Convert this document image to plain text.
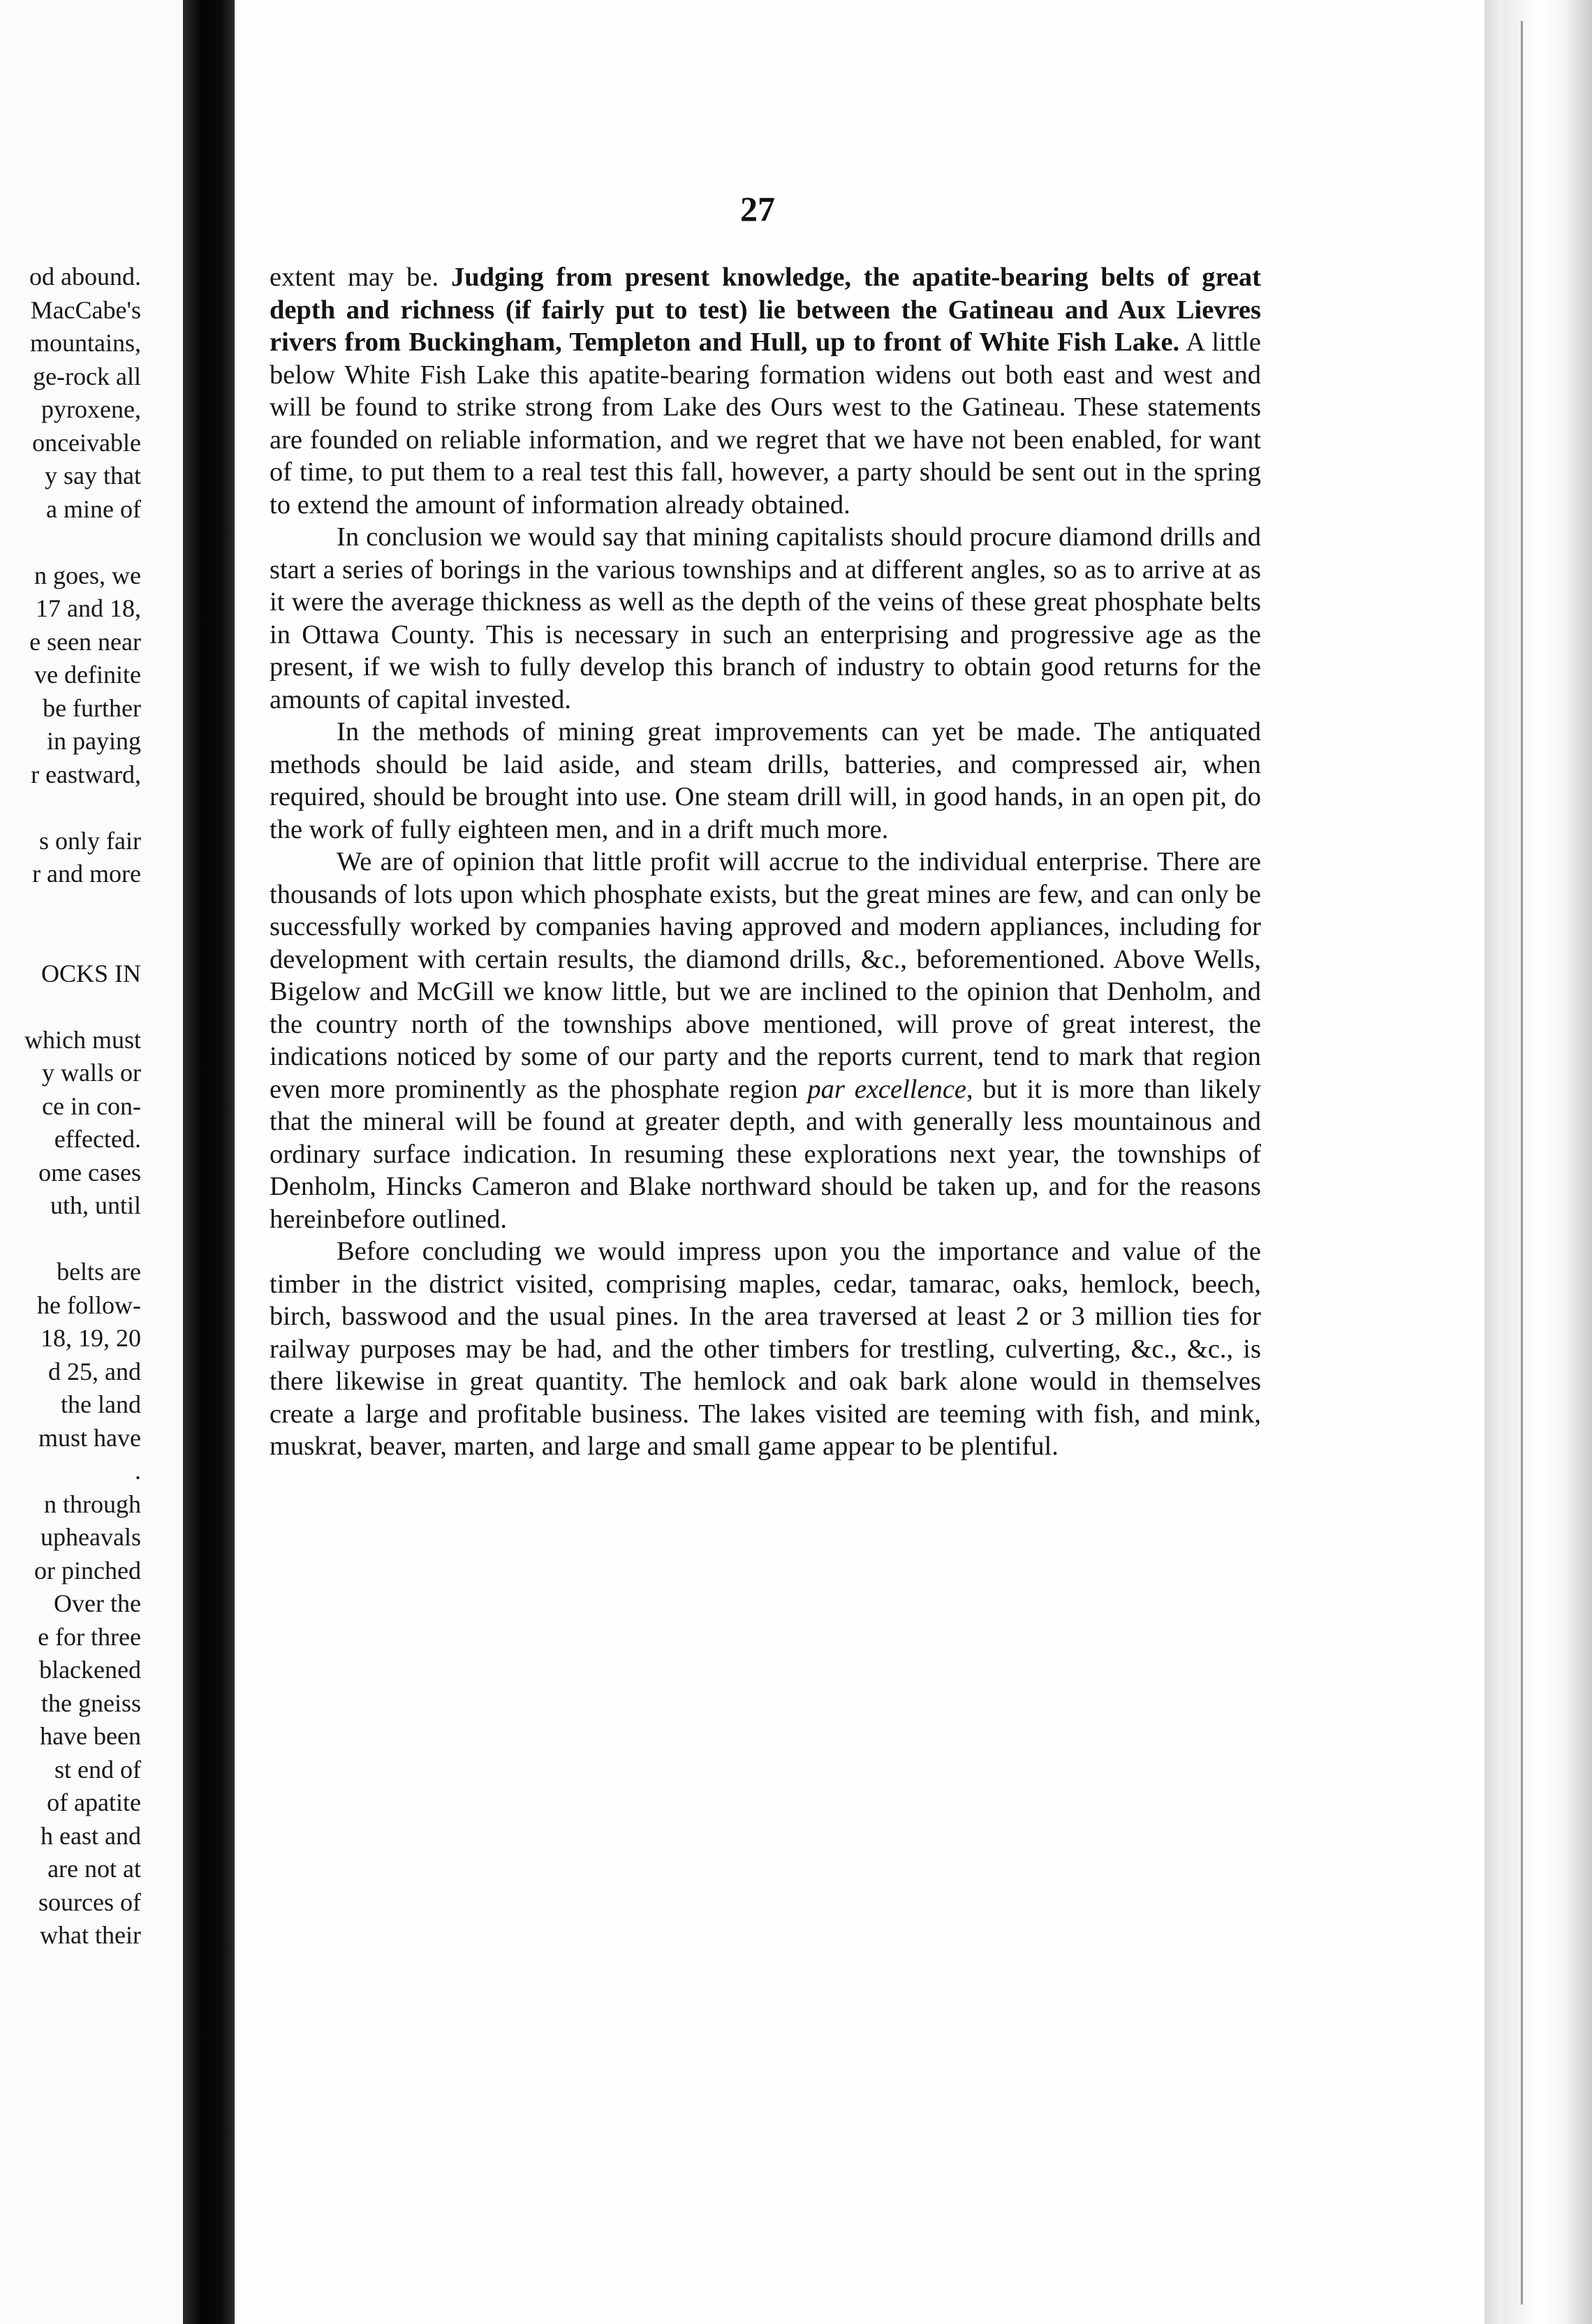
od abound.
MacCabe's
mountains,
ge-rock all
pyroxene,
onceivable
y say that
a mine of
n goes, we
17 and 18,
e seen near
ve definite
be further
in paying
r eastward,
s only fair
r and more
OCKS IN
which must
y walls or
ce in con-
effected.
ome cases
uth, until
belts are
he follow-
18, 19, 20
d 25, and
the land
must have
.
n through
upheavals
or pinched
Over the
e for three
blackened
the gneiss
have been
st end of
of apatite
h east and
are not at
sources of
what their
27

extent may be. Judging from present knowledge, the apatite-bearing belts of great depth and richness (if fairly put to test) lie between the Gatineau and Aux Lievres rivers from Buckingham, Templeton and Hull, up to front of White Fish Lake. A little below White Fish Lake this apatite-bearing formation widens out both east and west and will be found to strike strong from Lake des Ours west to the Gatineau. These statements are founded on reliable information, and we regret that we have not been enabled, for want of time, to put them to a real test this fall, however, a party should be sent out in the spring to extend the amount of information already obtained.

In conclusion we would say that mining capitalists should procure diamond drills and start a series of borings in the various townships and at different angles, so as to arrive at as it were the average thickness as well as the depth of the veins of these great phosphate belts in Ottawa County. This is necessary in such an enterprising and progressive age as the present, if we wish to fully develop this branch of industry to obtain good returns for the amounts of capital invested.

In the methods of mining great improvements can yet be made. The antiquated methods should be laid aside, and steam drills, batteries, and compressed air, when required, should be brought into use. One steam drill will, in good hands, in an open pit, do the work of fully eighteen men, and in a drift much more.

We are of opinion that little profit will accrue to the individual enterprise. There are thousands of lots upon which phosphate exists, but the great mines are few, and can only be successfully worked by companies having approved and modern appliances, including for development with certain results, the diamond drills, &c., beforementioned. Above Wells, Bigelow and McGill we know little, but we are inclined to the opinion that Denholm, and the country north of the townships above mentioned, will prove of great interest, the indications noticed by some of our party and the reports current, tend to mark that region even more prominently as the phosphate region par excellence, but it is more than likely that the mineral will be found at greater depth, and with generally less mountainous and ordinary surface indication. In resuming these explorations next year, the townships of Denholm, Hincks Cameron and Blake northward should be taken up, and for the reasons hereinbefore outlined.

Before concluding we would impress upon you the importance and value of the timber in the district visited, comprising maples, cedar, tamarac, oaks, hemlock, beech, birch, basswood and the usual pines. In the area traversed at least 2 or 3 million ties for railway purposes may be had, and the other timbers for trestling, culverting, &c., &c., is there likewise in great quantity. The hemlock and oak bark alone would in themselves create a large and profitable business. The lakes visited are teeming with fish, and mink, muskrat, beaver, marten, and large and small game appear to be plentiful.
